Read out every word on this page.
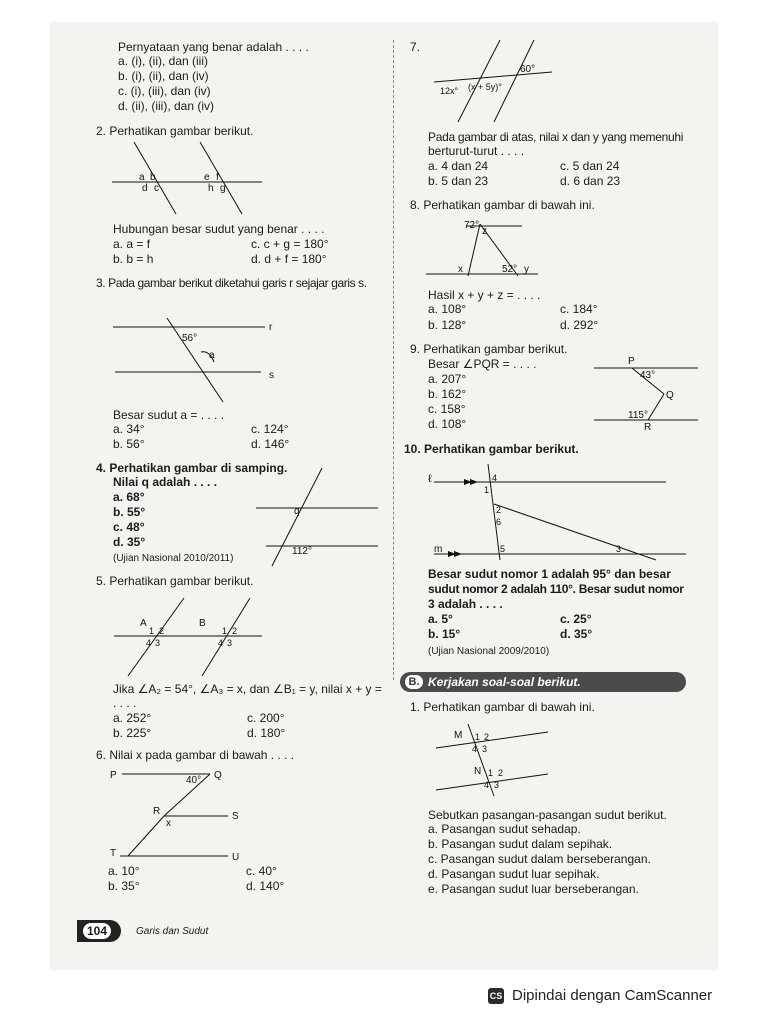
Pernyataan yang benar adalah . . . .
a. (i), (ii), dan (iii)
b. (i), (ii), dan (iv)
c. (i), (iii), dan (iv)
d. (ii), (iii), dan (iv)
2. Perhatikan gambar berikut.
a b
d c
e f
h g
Hubungan besar sudut yang benar . . . .
a. a = f	c. c + g = 180°
b. b = h	d. d + f = 180°
3. Pada gambar berikut diketahui garis r sejajar garis s.
56°
r
s
a
Besar sudut a = . . . .
a. 34°	c. 124°
b. 56°	d. 146°
4. Perhatikan gambar di samping.
Nilai q adalah . . . .
a. 68°
b. 55°
c. 48°
d. 35°
(Ujian Nasional 2010/2011)
q
112°
5. Perhatikan gambar berikut.
A	B
1 2
4 3
1 2
4 3
Jika ∠A₂ = 54°, ∠A₃ = x, dan ∠B₁ = y, nilai x + y =
. . . .
a. 252°	c. 200°
b. 225°	d. 180°
6. Nilai x pada gambar di bawah . . . .
P	Q
40°
R
x
S
T	U
a. 10°	c. 40°
b. 35°	d. 140°
7.
60°
12x° (x + 5y)°
Pada gambar di atas, nilai x dan y yang memenuhi
berturut-turut . . . .
a. 4 dan 24	c. 5 dan 24
b. 5 dan 23	d. 6 dan 23
8. Perhatikan gambar di bawah ini.
72°
z
x	52° y
Hasil x + y + z = . . . .
a. 108°	c. 184°
b. 128°	d. 292°
9. Perhatikan gambar berikut.
Besar ∠PQR = . . . .
a. 207°
b. 162°
c. 158°
d. 108°
P
43°
Q
115°
R
10. Perhatikan gambar berikut.
ℓ
m
4
1
2
6
5	3
Besar sudut nomor 1 adalah 95° dan besar
sudut nomor 2 adalah 110°. Besar sudut nomor
3 adalah . . . .
a. 5°	c. 25°
b. 15°	d. 35°
(Ujian Nasional 2009/2010)
B. Kerjakan soal-soal berikut.
1. Perhatikan gambar di bawah ini.
M 1 2
4 3
N 1 2
4 3
Sebutkan pasangan-pasangan sudut berikut.
a. Pasangan sudut sehadap.
b. Pasangan sudut dalam sepihak.
c. Pasangan sudut dalam berseberangan.
d. Pasangan sudut luar sepihak.
e. Pasangan sudut luar berseberangan.
104	Garis dan Sudut
CS Dipindai dengan CamScanner
